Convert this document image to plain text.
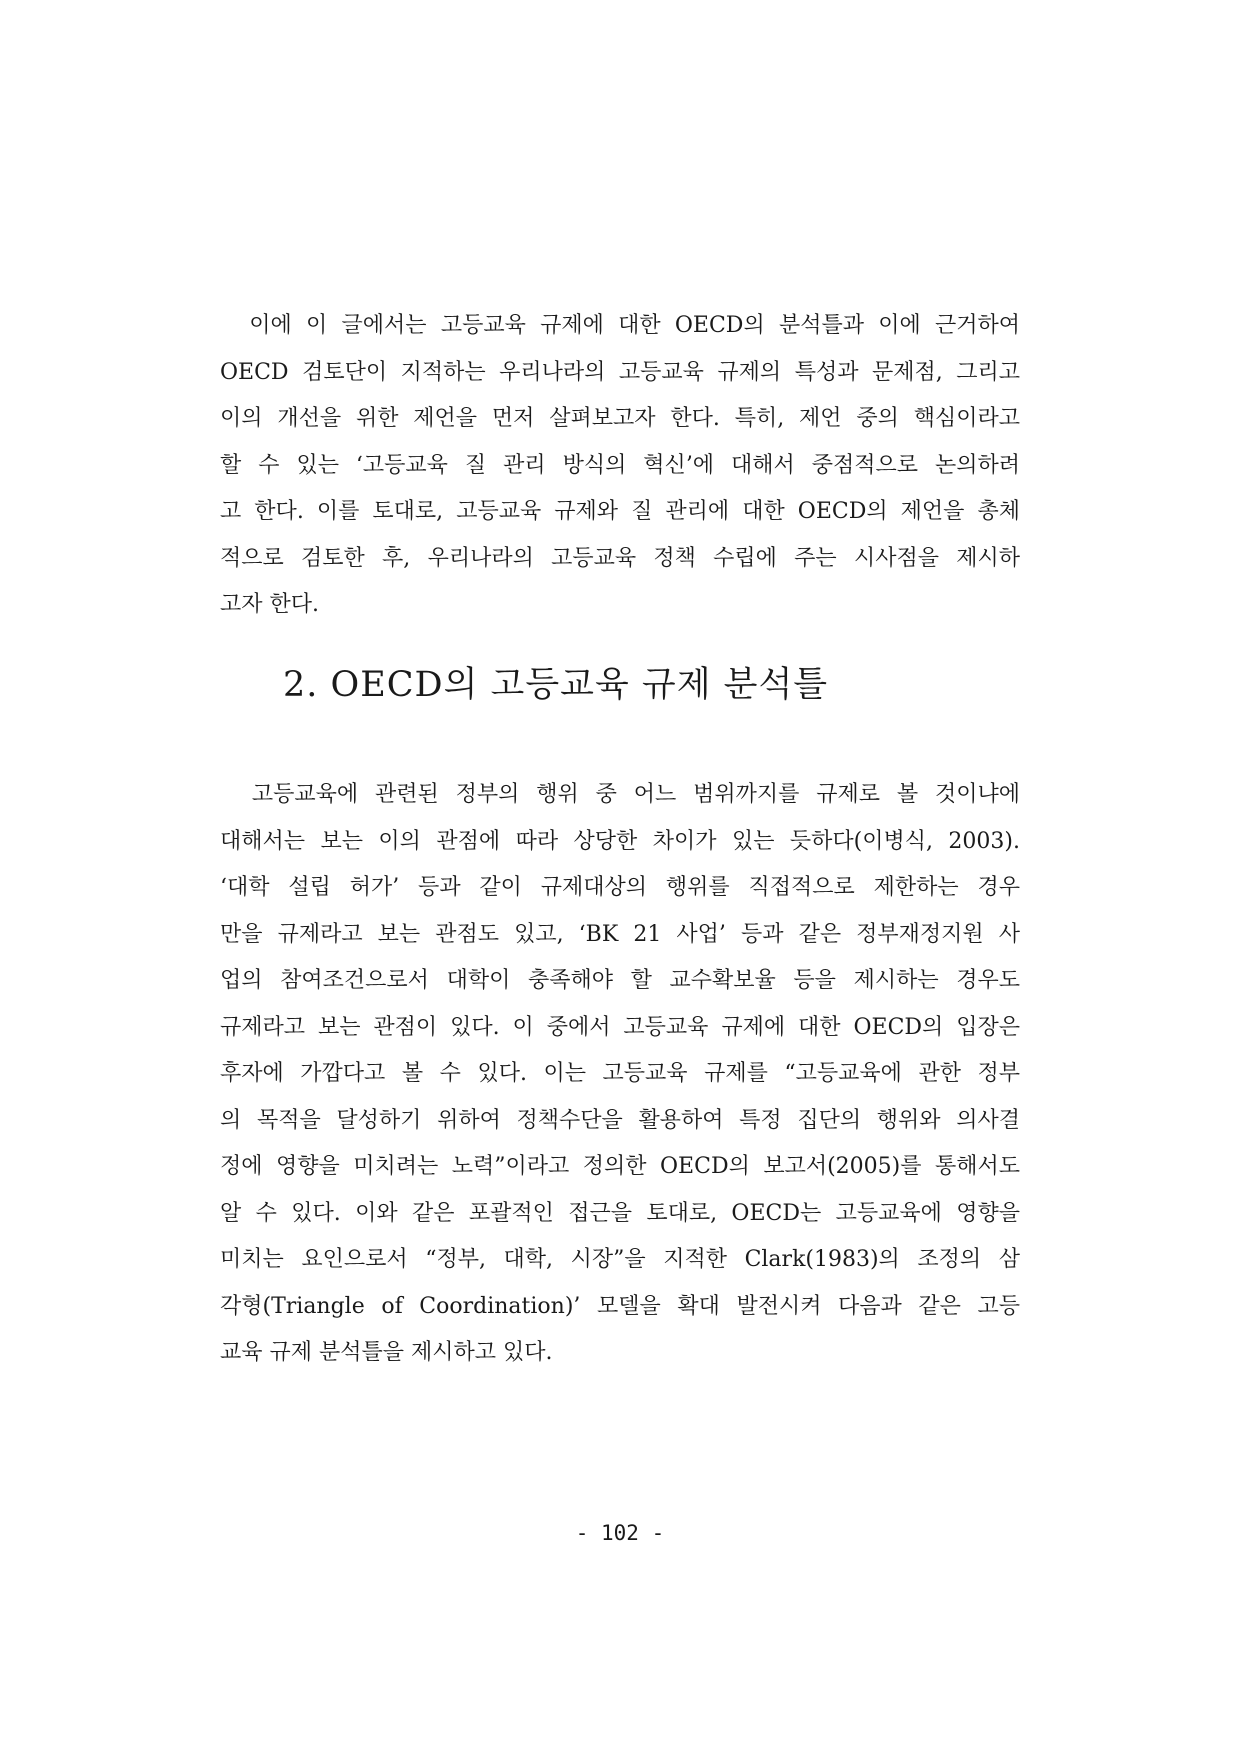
　이에 이 글에서는 고등교육 규제에 대한 OECD의 분석틀과 이에 근거하여
OECD 검토단이 지적하는 우리나라의 고등교육 규제의 특성과 문제점, 그리고
이의 개선을 위한 제언을 먼저 살펴보고자 한다. 특히, 제언 중의 핵심이라고
할 수 있는 ‘고등교육 질 관리 방식의 혁신’에 대해서 중점적으로 논의하려
고 한다. 이를 토대로, 고등교육 규제와 질 관리에 대한 OECD의 제언을 총체
적으로 검토한 후, 우리나라의 고등교육 정책 수립에 주는 시사점을 제시하
고자 한다.
2. OECD의 고등교육 규제 분석틀
　고등교육에 관련된 정부의 행위 중 어느 범위까지를 규제로 볼 것이냐에
대해서는 보는 이의 관점에 따라 상당한 차이가 있는 듯하다(이병식, 2003).
‘대학 설립 허가’ 등과 같이 규제대상의 행위를 직접적으로 제한하는 경우
만을 규제라고 보는 관점도 있고, ‘BK 21 사업’ 등과 같은 정부재정지원 사
업의 참여조건으로서 대학이 충족해야 할 교수확보율 등을 제시하는 경우도
규제라고 보는 관점이 있다. 이 중에서 고등교육 규제에 대한 OECD의 입장은
후자에 가깝다고 볼 수 있다. 이는 고등교육 규제를 “고등교육에 관한 정부
의 목적을 달성하기 위하여 정책수단을 활용하여 특정 집단의 행위와 의사결
정에 영향을 미치려는 노력”이라고 정의한 OECD의 보고서(2005)를 통해서도
알 수 있다. 이와 같은 포괄적인 접근을 토대로, OECD는 고등교육에 영향을
미치는 요인으로서 “정부, 대학, 시장”을 지적한 Clark(1983)의 조정의 삼
각형(Triangle of Coordination)’ 모델을 확대 발전시켜 다음과 같은 고등
교육 규제 분석틀을 제시하고 있다.
- 102 -
